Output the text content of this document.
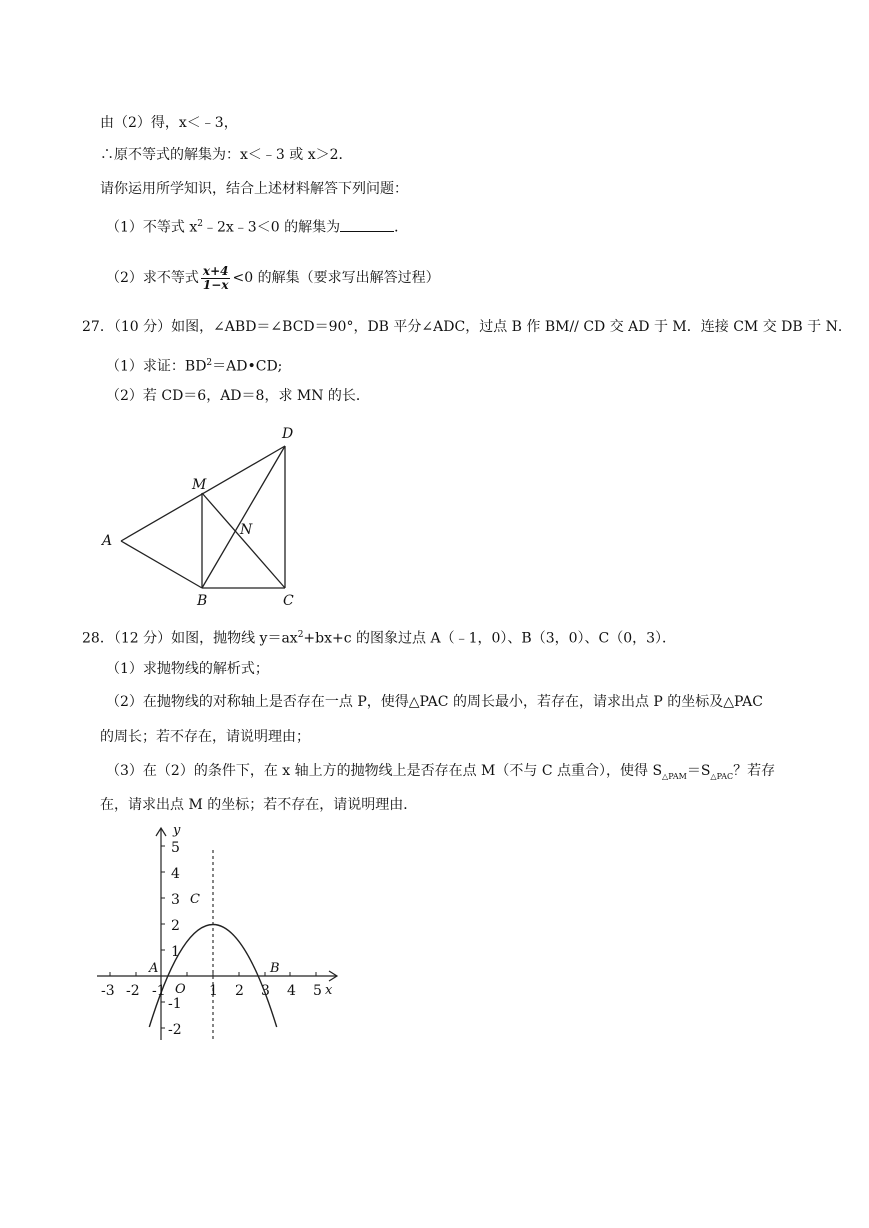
由（2）得，x＜﹣3，
∴原不等式的解集为：x＜﹣3 或 x＞2．
请你运用所学知识，结合上述材料解答下列问题：
（1）不等式 $x^2﹣2x﹣3<0$ 的解集为	．
（2）求不等式 $\frac{x+4}{1-x} <0$ 的解集（要求写出解答过程）
27．（10 分）如图，∠ABD＝∠BCD＝90°，DB 平分∠ADC，过点 B 作 BM// CD 交 AD 于 M．连接 CM 交 DB 于 N．
（1）求证：$BD^2=AD•CD$;
（2）若 CD＝6，AD＝8，求 MN 的长．
A
B	C
D
M
N
28．（12 分）如图，抛物线 $y=ax^2+bx+c$ 的图象过点 A（﹣1，0）、B（3，0）、C（0，3）．
（1）求抛物线的解析式；
（2）在抛物线的对称轴上是否存在一点 P，使得△PAC 的周长最小，若存在，请求出点 P 的坐标及△PAC
的周长；若不存在，请说明理由；
（3）在（2）的条件下，在 x 轴上方的抛物线上是否存在点 M（不与 C 点重合），使得 $S_{\triangle PAM}=S_{\triangle PAC}$？若存
在，请求出点 M 的坐标；若不存在，请说明理由．
-3 -2 -1	1 2 3 4 5
5
4
3
2
1
-1
-2
y
x
O
A	B
C
